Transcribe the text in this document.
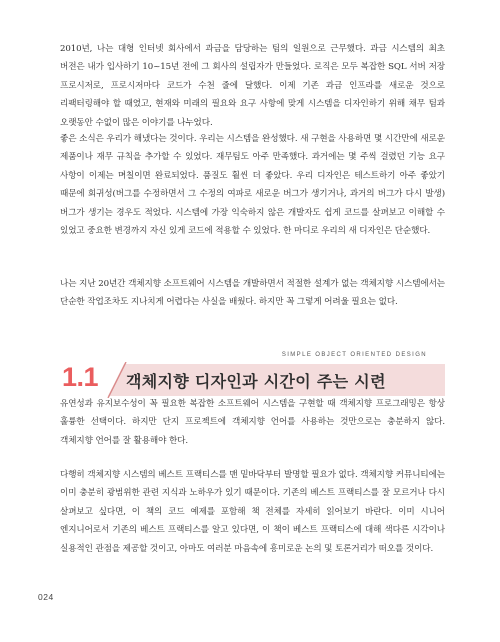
2010년, 나는 대형 인터넷 회사에서 과금을 담당하는 팀의 일원으로 근무했다. 과금 시스템의 최초 버전은 내가 입사하기 10~15년 전에 그 회사의 설립자가 만들었다. 로직은 모두 복잡한 SQL 서버 저장 프로시저로, 프로시저마다 코드가 수천 줄에 달했다. 이제 기존 과금 인프라를 새로운 것으로 리팩터링해야 할 때였고, 현재와 미래의 필요와 요구 사항에 맞게 시스템을 디자인하기 위해 채무 팀과 오랫동안 수없이 많은 이야기를 나누었다.

좋은 소식은 우리가 해냈다는 것이다. 우리는 시스템을 완성했다. 새 구현을 사용하면 몇 시간만에 새로운 제품이나 재무 규칙을 추가할 수 있었다. 재무팀도 아주 만족했다. 과거에는 몇 주씩 걸렸던 기능 요구 사항이 이제는 며칠이면 완료되었다. 품질도 훨씬 더 좋았다. 우리 디자인은 테스트하기 아주 좋았기 때문에 회귀성(버그를 수정하면서 그 수정의 여파로 새로운 버그가 생기거나, 과거의 버그가 다시 발생) 버그가 생기는 경우도 적었다. 시스템에 가장 익숙하지 않은 개발자도 쉽게 코드를 살펴보고 이해할 수 있었고 중요한 변경까지 자신 있게 코드에 적용할 수 있었다. 한 마디로 우리의 새 디자인은 단순했다.

나는 지난 20년간 객체지향 소프트웨어 시스템을 개발하면서 적절한 설계가 없는 객체지향 시스템에서는 단순한 작업조차도 지나치게 어렵다는 사실을 배웠다. 하지만 꼭 그렇게 어려울 필요는 없다.

SIMPLE OBJECT ORIENTED DESIGN
1.1 객체지향 디자인과 시간이 주는 시련

유연성과 유지보수성이 꼭 필요한 복잡한 소프트웨어 시스템을 구현할 때 객체지향 프로그래밍은 항상 훌륭한 선택이다. 하지만 단지 프로젝트에 객체지향 언어를 사용하는 것만으로는 충분하지 않다. 객체지향 언어를 잘 활용해야 한다.

다행히 객체지향 시스템의 베스트 프랙티스를 맨 밑바닥부터 발명할 필요가 없다. 객체지향 커뮤니티에는 이미 충분히 광범위한 관련 지식과 노하우가 있기 때문이다. 기존의 베스트 프랙티스를 잘 모르거나 다시 살펴보고 싶다면, 이 책의 코드 예제를 포함해 책 전체를 자세히 읽어보기 바란다. 이미 시니어 엔지니어로서 기존의 베스트 프랙티스를 알고 있다면, 이 책이 베스트 프랙티스에 대해 색다른 시각이나 실용적인 관점을 제공할 것이고, 아마도 여러분 마음속에 흥미로운 논의 및 토론거리가 떠오를 것이다.

024
